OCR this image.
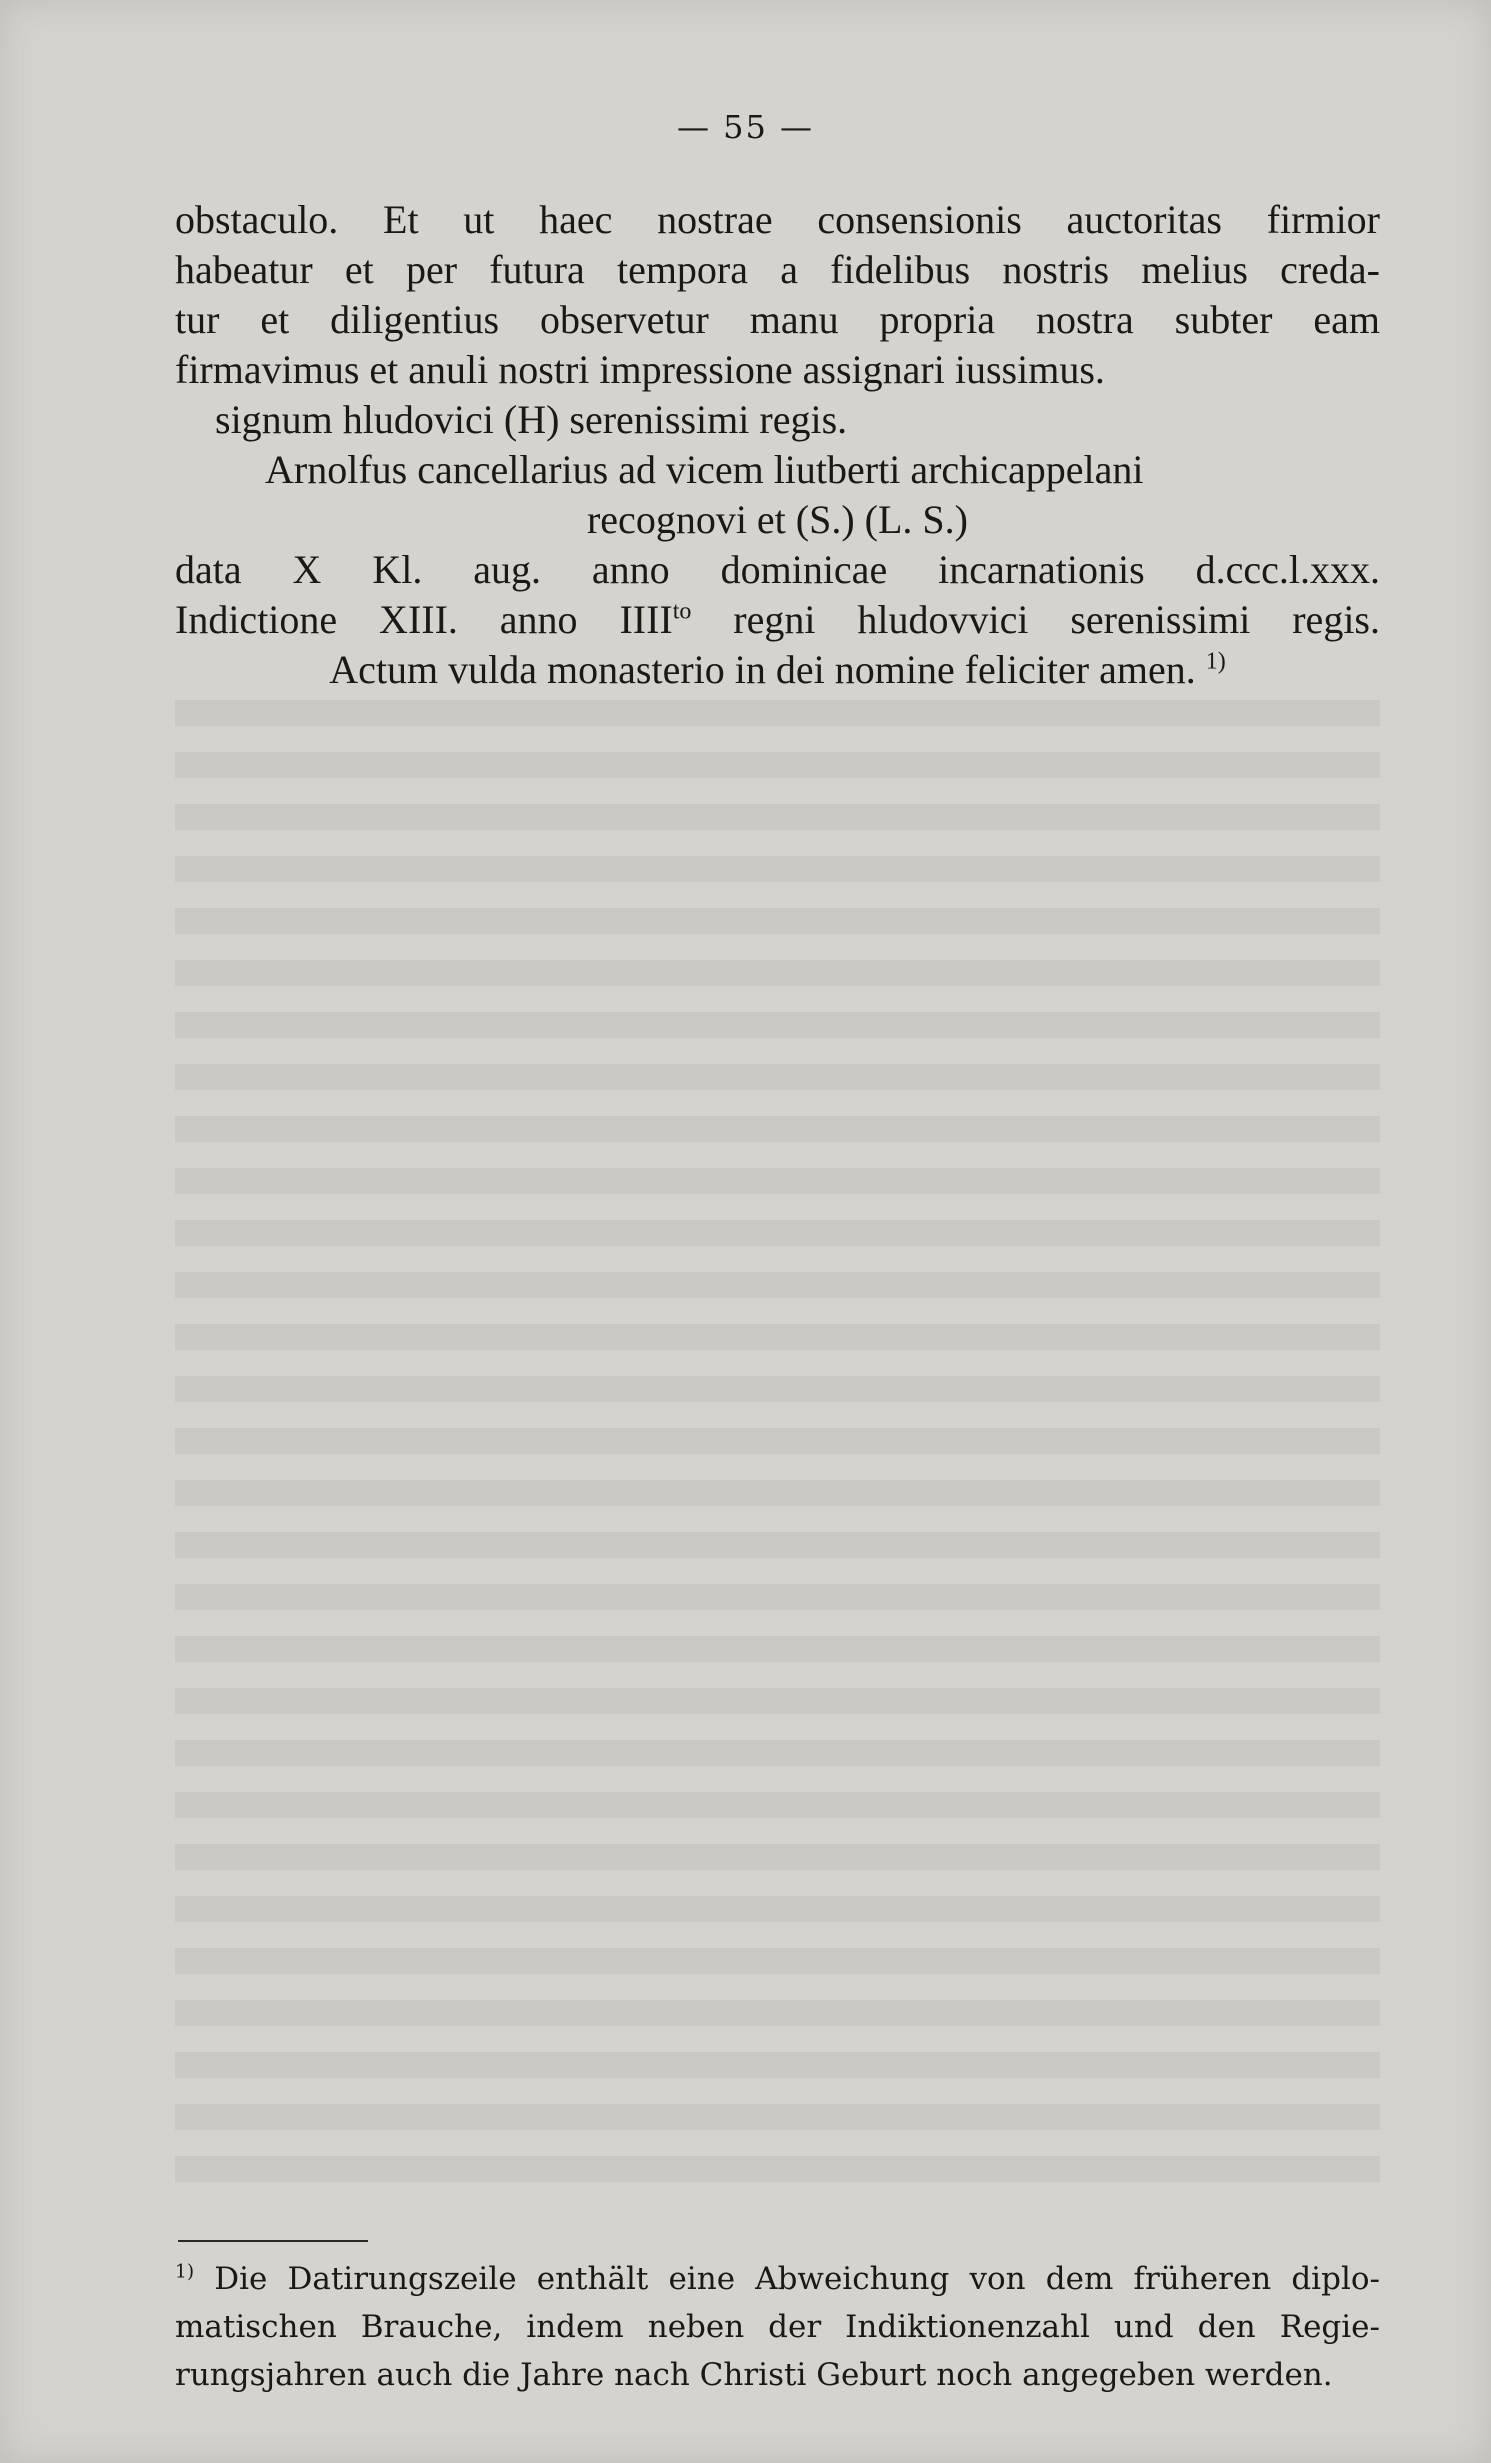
— 55 —
obstaculo. Et ut haec nostrae consensionis auctoritas firmior
habeatur et per futura tempora a fidelibus nostris melius creda-
tur et diligentius observetur manu propria nostra subter eam
firmavimus et anuli nostri impressione assignari iussimus.
signum hludovici (H) serenissimi regis.
Arnolfus cancellarius ad vicem liutberti archicappelani
recognovi et (S.) (L. S.)
data X Kl. aug. anno dominicae incarnationis d.ccc.l.xxx.
Indictione XIII. anno $IIII^{to}$ regni hludovvici serenissimi regis.
Actum vulda monasterio in dei nomine feliciter amen. $^{1)}$
$^{1)}$ Die Datirungszeile enthält eine Abweichung von dem früheren diplo-
matischen Brauche, indem neben der Indiktionenzahl und den Regie-
rungsjahren auch die Jahre nach Christi Geburt noch angegeben werden.
